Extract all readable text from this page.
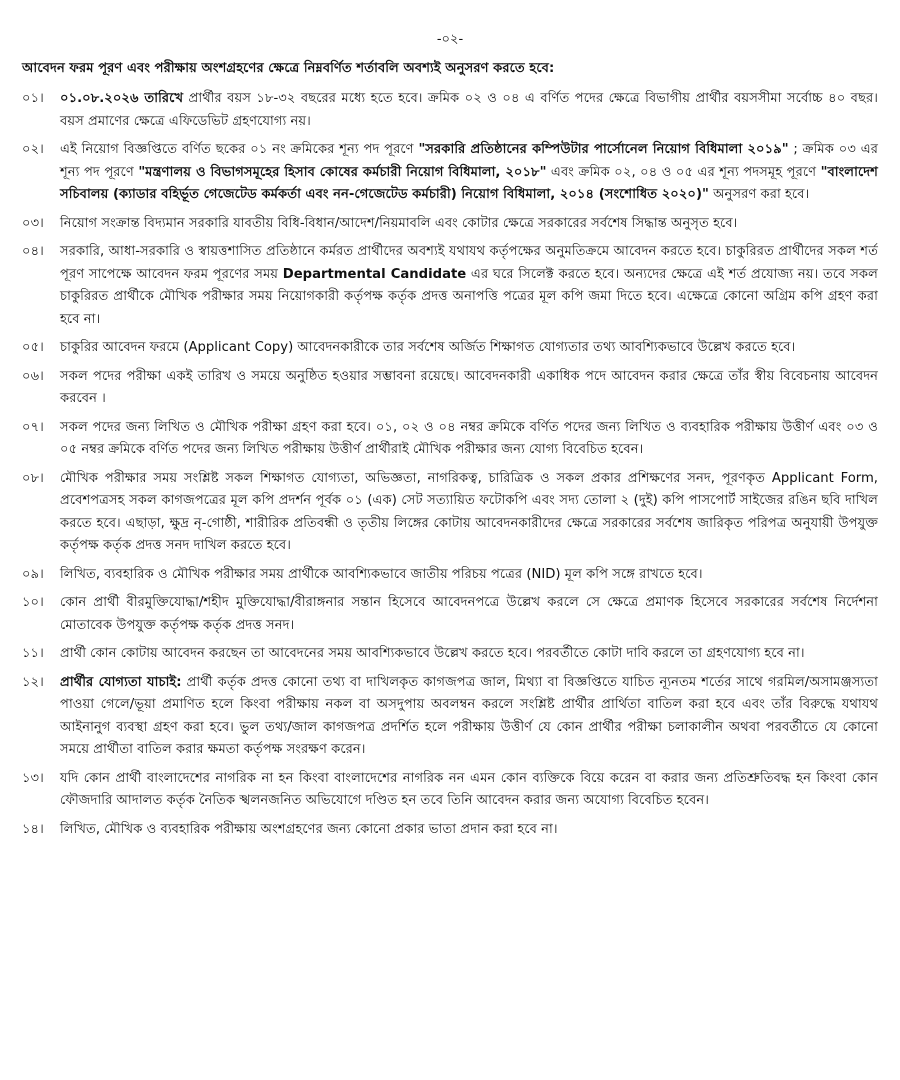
-০২-
আবেদন ফরম পূরণ এবং পরীক্ষায় অংশগ্রহণের ক্ষেত্রে নিম্নবর্ণিত শর্তাবলি অবশ্যই অনুসরণ করতে হবে:
০১।	০১.০৮.২০২৬ তারিখে প্রার্থীর বয়স ১৮-৩২ বছরের মধ্যে হতে হবে। ক্রমিক ০২ ও ০৪ এ বর্ণিত পদের ক্ষেত্রে বিভাগীয় প্রার্থীর বয়সসীমা সর্বোচ্চ ৪০ বছর। বয়স প্রমাণের ক্ষেত্রে এফিডেভিট গ্রহণযোগ্য নয়।
০২।	এই নিয়োগ বিজ্ঞপ্তিতে বর্ণিত ছকের ০১ নং ক্রমিকের শূন্য পদ পূরণে "সরকারি প্রতিষ্ঠানের কম্পিউটার পার্সোনেল নিয়োগ বিধিমালা ২০১৯" ; ক্রমিক ০৩ এর শূন্য পদ পূরণে "মন্ত্রণালয় ও বিভাগসমূহের হিসাব কোষের কর্মচারী নিয়োগ বিধিমালা, ২০১৮" এবং ক্রমিক ০২, ০৪ ও ০৫ এর শূন্য পদসমূহ পূরণে "বাংলাদেশ সচিবালয় (ক্যাডার বহির্ভূত গেজেটেড কর্মকর্তা এবং নন-গেজেটেড কর্মচারী) নিয়োগ বিধিমালা, ২০১৪ (সংশোধিত ২০২০)" অনুসরণ করা হবে।
০৩।	নিয়োগ সংক্রান্ত বিদ্যমান সরকারি যাবতীয় বিধি-বিধান/আদেশ/নিয়মাবলি এবং কোটার ক্ষেত্রে সরকারের সর্বশেষ সিদ্ধান্ত অনুসৃত হবে।
০৪।	সরকারি, আধা-সরকারি ও স্বায়ত্তশাসিত প্রতিষ্ঠানে কর্মরত প্রার্থীদের অবশ্যই যথাযথ কর্তৃপক্ষের অনুমতিক্রমে আবেদন করতে হবে। চাকুরিরত প্রার্থীদের সকল শর্ত পূরণ সাপেক্ষে আবেদন ফরম পূরণের সময় Departmental Candidate এর ঘরে সিলেক্ট করতে হবে। অন্যদের ক্ষেত্রে এই শর্ত প্রযোজ্য নয়। তবে সকল চাকুরিরত প্রার্থীকে মৌখিক পরীক্ষার সময় নিয়োগকারী কর্তৃপক্ষ কর্তৃক প্রদত্ত অনাপত্তি পত্রের মূল কপি জমা দিতে হবে। এক্ষেত্রে কোনো অগ্রিম কপি গ্রহণ করা হবে না।
০৫।	চাকুরির আবেদন ফরমে (Applicant Copy) আবেদনকারীকে তার সর্বশেষ অর্জিত শিক্ষাগত যোগ্যতার তথ্য আবশ্যিকভাবে উল্লেখ করতে হবে।
০৬।	সকল পদের পরীক্ষা একই তারিখ ও সময়ে অনুষ্ঠিত হওয়ার সম্ভাবনা রয়েছে। আবেদনকারী একাধিক পদে আবেদন করার ক্ষেত্রে তাঁর স্বীয় বিবেচনায় আবেদন করবেন ।
০৭।	সকল পদের জন্য লিখিত ও মৌখিক পরীক্ষা গ্রহণ করা হবে। ০১, ০২ ও ০৪ নম্বর ক্রমিকে বর্ণিত পদের জন্য লিখিত ও ব্যবহারিক পরীক্ষায় উত্তীর্ণ এবং ০৩ ও ০৫ নম্বর ক্রমিকে বর্ণিত পদের জন্য লিখিত পরীক্ষায় উত্তীর্ণ প্রার্থীরাই মৌখিক পরীক্ষার জন্য যোগ্য বিবেচিত হবেন।
০৮।	মৌখিক পরীক্ষার সময় সংশ্লিষ্ট সকল শিক্ষাগত যোগ্যতা, অভিজ্ঞতা, নাগরিকত্ব, চারিত্রিক ও সকল প্রকার প্রশিক্ষণের সনদ, পূরণকৃত Applicant Form, প্রবেশপত্রসহ সকল কাগজপত্রের মূল কপি প্রদর্শন পূর্বক ০১ (এক) সেট সত্যায়িত ফটোকপি এবং সদ্য তোলা ২ (দুই) কপি পাসপোর্ট সাইজের রঙিন ছবি দাখিল করতে হবে। এছাড়া, ক্ষুদ্র নৃ-গোষ্ঠী, শারীরিক প্রতিবন্ধী ও তৃতীয় লিঙ্গের কোটায় আবেদনকারীদের ক্ষেত্রে সরকারের সর্বশেষ জারিকৃত পরিপত্র অনুযায়ী উপযুক্ত কর্তৃপক্ষ কর্তৃক প্রদত্ত সনদ দাখিল করতে হবে।
০৯।	লিখিত, ব্যবহারিক ও মৌখিক পরীক্ষার সময় প্রার্থীকে আবশ্যিকভাবে জাতীয় পরিচয় পত্রের (NID) মূল কপি সঙ্গে রাখতে হবে।
১০।	কোন প্রার্থী বীরমুক্তিযোদ্ধা/শহীদ মুক্তিযোদ্ধা/বীরাঙ্গনার সন্তান হিসেবে আবেদনপত্রে উল্লেখ করলে সে ক্ষেত্রে প্রমাণক হিসেবে সরকারের সর্বশেষ নির্দেশনা মোতাবেক উপযুক্ত কর্তৃপক্ষ কর্তৃক প্রদত্ত সনদ।
১১।	প্রার্থী কোন কোটায় আবেদন করছেন তা আবেদনের সময় আবশ্যিকভাবে উল্লেখ করতে হবে। পরবর্তীতে কোটা দাবি করলে তা গ্রহণযোগ্য হবে না।
১২।	প্রার্থীর যোগ্যতা যাচাই: প্রার্থী কর্তৃক প্রদত্ত কোনো তথ্য বা দাখিলকৃত কাগজপত্র জাল, মিথ্যা বা বিজ্ঞপ্তিতে যাচিত ন্যূনতম শর্তের সাথে গরমিল/অসামঞ্জস্যতা পাওয়া গেলে/ভূয়া প্রমাণিত হলে কিংবা পরীক্ষায় নকল বা অসদুপায় অবলম্বন করলে সংশ্লিষ্ট প্রার্থীর প্রার্থিতা বাতিল করা হবে এবং তাঁর বিরুদ্ধে যথাযথ আইনানুগ ব্যবস্থা গ্রহণ করা হবে। ভুল তথ্য/জাল কাগজপত্র প্রদর্শিত হলে পরীক্ষায় উত্তীর্ণ যে কোন প্রার্থীর পরীক্ষা চলাকালীন অথবা পরবর্তীতে যে কোনো সময়ে প্রার্থীতা বাতিল করার ক্ষমতা কর্তৃপক্ষ সংরক্ষণ করেন।
১৩।	যদি কোন প্রার্থী বাংলাদেশের নাগরিক না হন কিংবা বাংলাদেশের নাগরিক নন এমন কোন ব্যক্তিকে বিয়ে করেন বা করার জন্য প্রতিশ্রুতিবদ্ধ হন কিংবা কোন ফৌজদারি আদালত কর্তৃক নৈতিক স্খলনজনিত অভিযোগে দণ্ডিত হন তবে তিনি আবেদন করার জন্য অযোগ্য বিবেচিত হবেন।
১৪।	লিখিত, মৌখিক ও ব্যবহারিক পরীক্ষায় অংশগ্রহণের জন্য কোনো প্রকার ভাতা প্রদান করা হবে না।
